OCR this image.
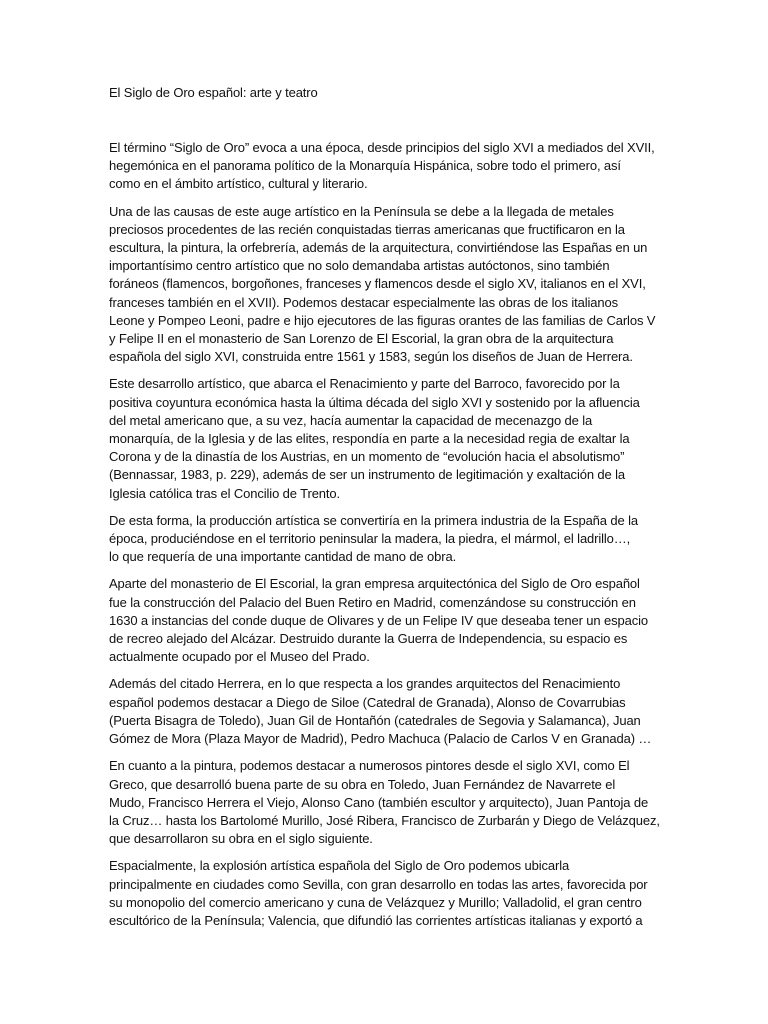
El Siglo de Oro español: arte y teatro

El término “Siglo de Oro” evoca a una época, desde principios del siglo XVI a mediados del XVII,
hegemónica en el panorama político de la Monarquía Hispánica, sobre todo el primero, así
como en el ámbito artístico, cultural y literario.

Una de las causas de este auge artístico en la Península se debe a la llegada de metales
preciosos procedentes de las recién conquistadas tierras americanas que fructificaron en la
escultura, la pintura, la orfebrería, además de la arquitectura, convirtiéndose las Españas en un
importantísimo centro artístico que no solo demandaba artistas autóctonos, sino también
foráneos (flamencos, borgoñones, franceses y flamencos desde el siglo XV, italianos en el XVI,
franceses también en el XVII). Podemos destacar especialmente las obras de los italianos
Leone y Pompeo Leoni, padre e hijo ejecutores de las figuras orantes de las familias de Carlos V
y Felipe II en el monasterio de San Lorenzo de El Escorial, la gran obra de la arquitectura
española del siglo XVI, construida entre 1561 y 1583, según los diseños de Juan de Herrera.

Este desarrollo artístico, que abarca el Renacimiento y parte del Barroco, favorecido por la
positiva coyuntura económica hasta la última década del siglo XVI y sostenido por la afluencia
del metal americano que, a su vez, hacía aumentar la capacidad de mecenazgo de la
monarquía, de la Iglesia y de las elites, respondía en parte a la necesidad regia de exaltar la
Corona y de la dinastía de los Austrias, en un momento de “evolución hacia el absolutismo”
(Bennassar, 1983, p. 229), además de ser un instrumento de legitimación y exaltación de la
Iglesia católica tras el Concilio de Trento.

De esta forma, la producción artística se convertiría en la primera industria de la España de la
época, produciéndose en el territorio peninsular la madera, la piedra, el mármol, el ladrillo…,
lo que requería de una importante cantidad de mano de obra.

Aparte del monasterio de El Escorial, la gran empresa arquitectónica del Siglo de Oro español
fue la construcción del Palacio del Buen Retiro en Madrid, comenzándose su construcción en
1630 a instancias del conde duque de Olivares y de un Felipe IV que deseaba tener un espacio
de recreo alejado del Alcázar. Destruido durante la Guerra de Independencia, su espacio es
actualmente ocupado por el Museo del Prado.

Además del citado Herrera, en lo que respecta a los grandes arquitectos del Renacimiento
español podemos destacar a Diego de Siloe (Catedral de Granada), Alonso de Covarrubias
(Puerta Bisagra de Toledo), Juan Gil de Hontañón (catedrales de Segovia y Salamanca), Juan
Gómez de Mora (Plaza Mayor de Madrid), Pedro Machuca (Palacio de Carlos V en Granada) …

En cuanto a la pintura, podemos destacar a numerosos pintores desde el siglo XVI, como El
Greco, que desarrolló buena parte de su obra en Toledo, Juan Fernández de Navarrete el
Mudo, Francisco Herrera el Viejo, Alonso Cano (también escultor y arquitecto), Juan Pantoja de
la Cruz… hasta los Bartolomé Murillo, José Ribera, Francisco de Zurbarán y Diego de Velázquez,
que desarrollaron su obra en el siglo siguiente.

Espacialmente, la explosión artística española del Siglo de Oro podemos ubicarla
principalmente en ciudades como Sevilla, con gran desarrollo en todas las artes, favorecida por
su monopolio del comercio americano y cuna de Velázquez y Murillo; Valladolid, el gran centro
escultórico de la Península; Valencia, que difundió las corrientes artísticas italianas y exportó a
